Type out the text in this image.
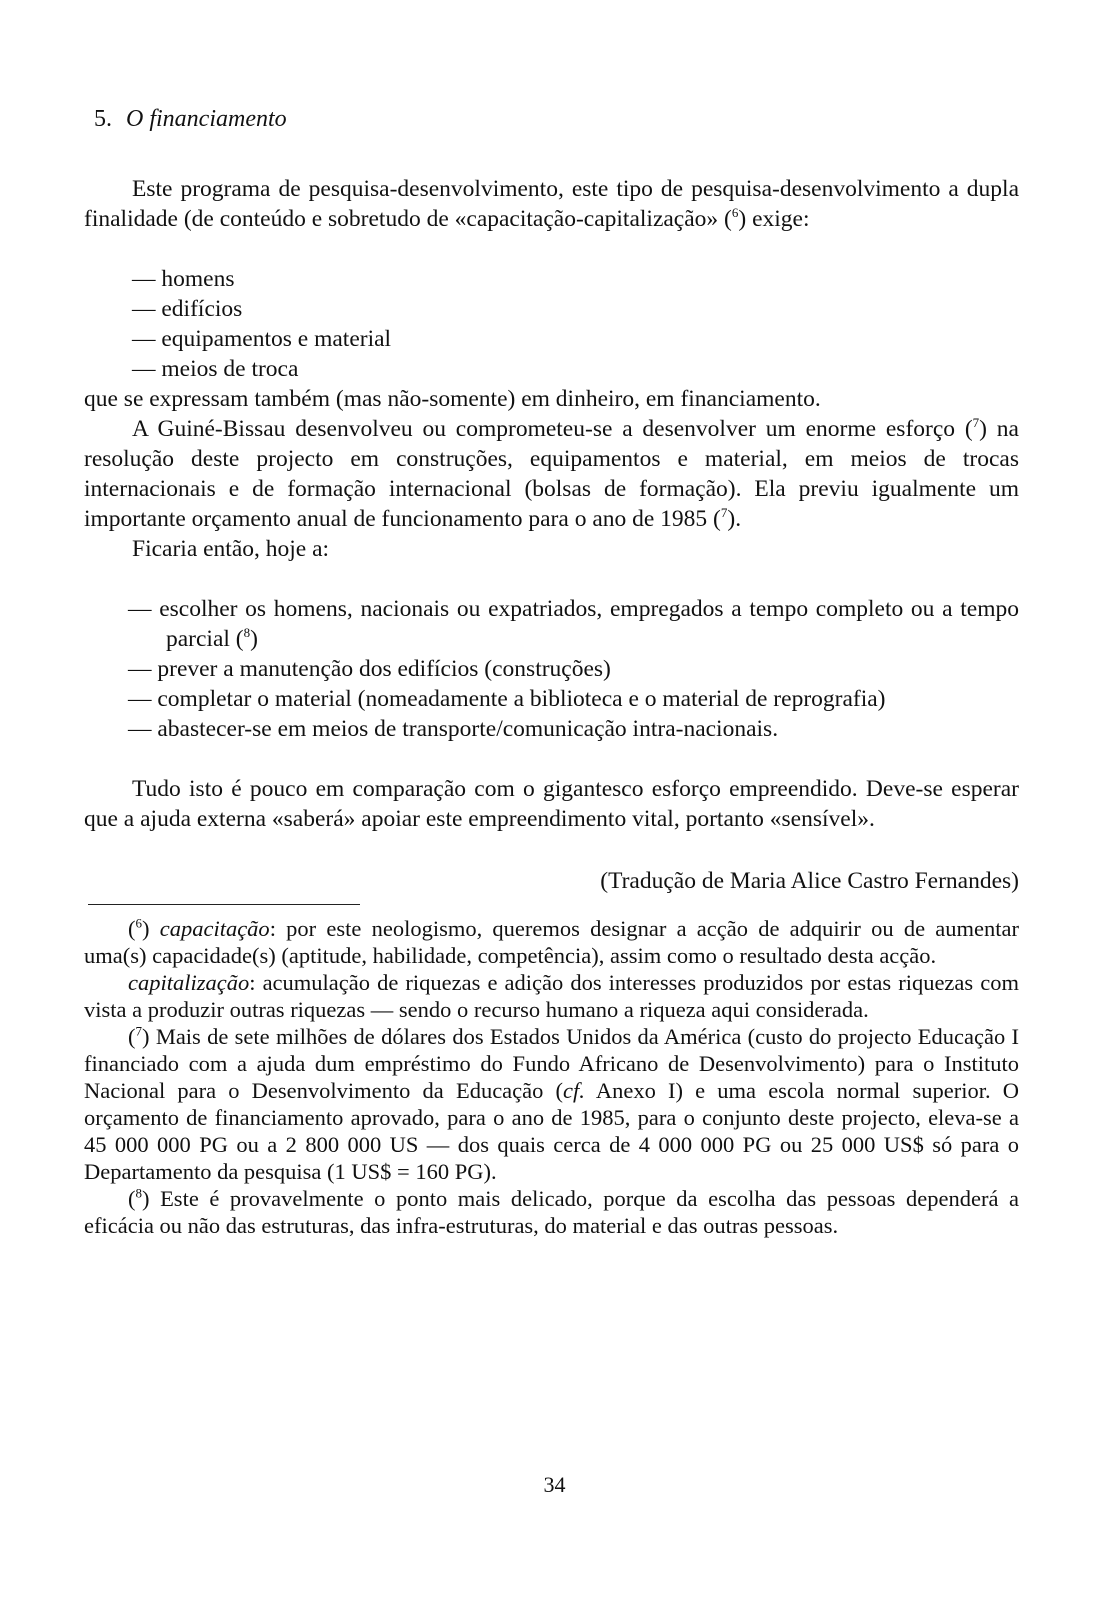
5. O financiamento

Este programa de pesquisa-desenvolvimento, este tipo de pesquisa-desenvolvimento a dupla finalidade (de conteúdo e sobretudo de «capacitação-capitalização» ($^6$) exige:

— homens
— edifícios
— equipamentos e material
— meios de troca

que se expressam também (mas não-somente) em dinheiro, em financiamento.

A Guiné-Bissau desenvolveu ou comprometeu-se a desenvolver um enorme esforço ($^7$) na resolução deste projecto em construções, equipamentos e material, em meios de trocas internacionais e de formação internacional (bolsas de formação). Ela previu igualmente um importante orçamento anual de funcionamento para o ano de 1985 ($^7$).

Ficaria então, hoje a:

— escolher os homens, nacionais ou expatriados, empregados a tempo completo ou a tempo parcial ($^8$)
— prever a manutenção dos edifícios (construções)
— completar o material (nomeadamente a biblioteca e o material de reprografia)
— abastecer-se em meios de transporte/comunicação intra-nacionais.

Tudo isto é pouco em comparação com o gigantesco esforço empreendido. Deve-se esperar que a ajuda externa «saberá» apoiar este empreendimento vital, portanto «sensível».

(Tradução de Maria Alice Castro Fernandes)

($^6$) capacitação: por este neologismo, queremos designar a acção de adquirir ou de aumentar uma(s) capacidade(s) (aptitude, habilidade, competência), assim como o resultado desta acção.

capitalização: acumulação de riquezas e adição dos interesses produzidos por estas riquezas com vista a produzir outras riquezas — sendo o recurso humano a riqueza aqui considerada.

($^7$) Mais de sete milhões de dólares dos Estados Unidos da América (custo do projecto Educação I financiado com a ajuda dum empréstimo do Fundo Africano de Desenvolvimento) para o Instituto Nacional para o Desenvolvimento da Educação (cf. Anexo I) e uma escola normal superior. O orçamento de financiamento aprovado, para o ano de 1985, para o conjunto deste projecto, eleva-se a 45 000 000 PG ou a 2 800 000 US — dos quais cerca de 4 000 000 PG ou 25 000 US$ só para o Departamento da pesquisa (1 US$ = 160 PG).

($^8$) Este é provavelmente o ponto mais delicado, porque da escolha das pessoas dependerá a eficácia ou não das estruturas, das infra-estruturas, do material e das outras pessoas.

34
